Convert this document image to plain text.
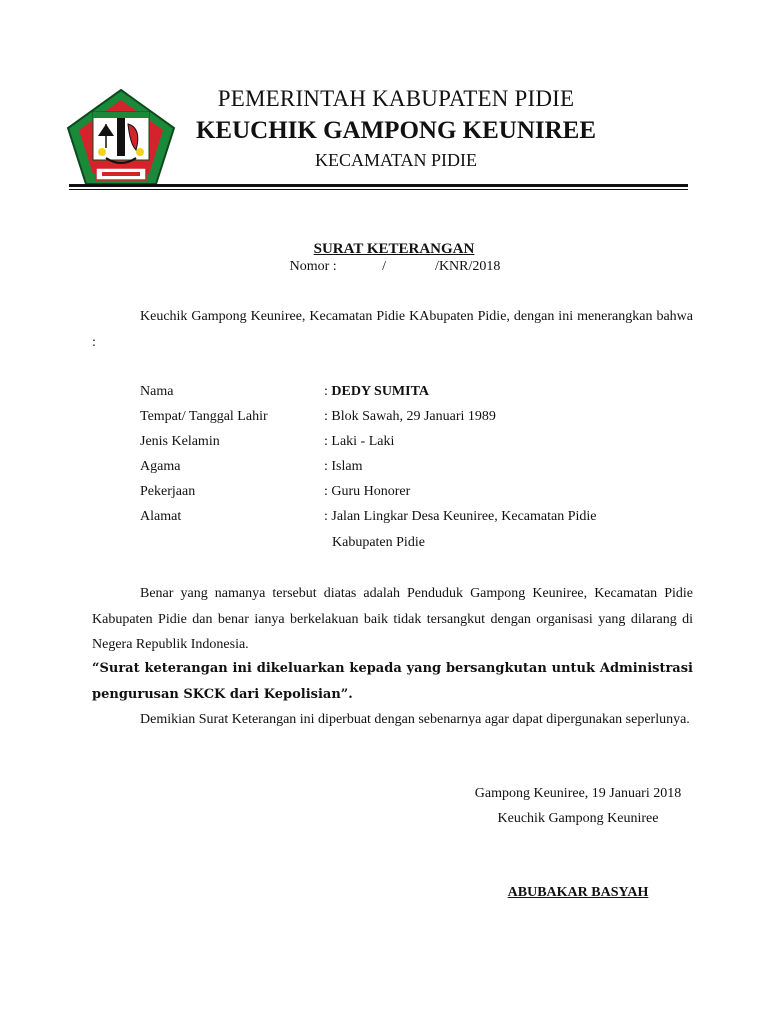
PEMERINTAH KABUPATEN PIDIE
KEUCHIK GAMPONG KEUNIREE
KECAMATAN PIDIE
SURAT KETERANGAN
Nomor :             /              /KNR/2018
Keuchik Gampong Keuniree, Kecamatan Pidie KAbupaten Pidie, dengan ini menerangkan bahwa :
Nama	: DEDY SUMITA
Tempat/ Tanggal Lahir	: Blok Sawah, 29 Januari 1989
Jenis Kelamin	: Laki - Laki
Agama	: Islam
Pekerjaan	: Guru Honorer
Alamat	: Jalan Lingkar Desa Keuniree, Kecamatan Pidie
Kabupaten Pidie
Benar yang namanya tersebut diatas adalah Penduduk Gampong Keuniree, Kecamatan Pidie Kabupaten Pidie dan benar ianya berkelakuan baik tidak tersangkut dengan organisasi yang dilarang di Negera Republik Indonesia.
“Surat keterangan ini dikeluarkan kepada yang bersangkutan untuk Administrasi pengurusan SKCK dari Kepolisian”.
Demikian Surat Keterangan ini diperbuat dengan sebenarnya agar dapat dipergunakan seperlunya.
Gampong Keuniree, 19 Januari 2018
Keuchik Gampong Keuniree
ABUBAKAR BASYAH
